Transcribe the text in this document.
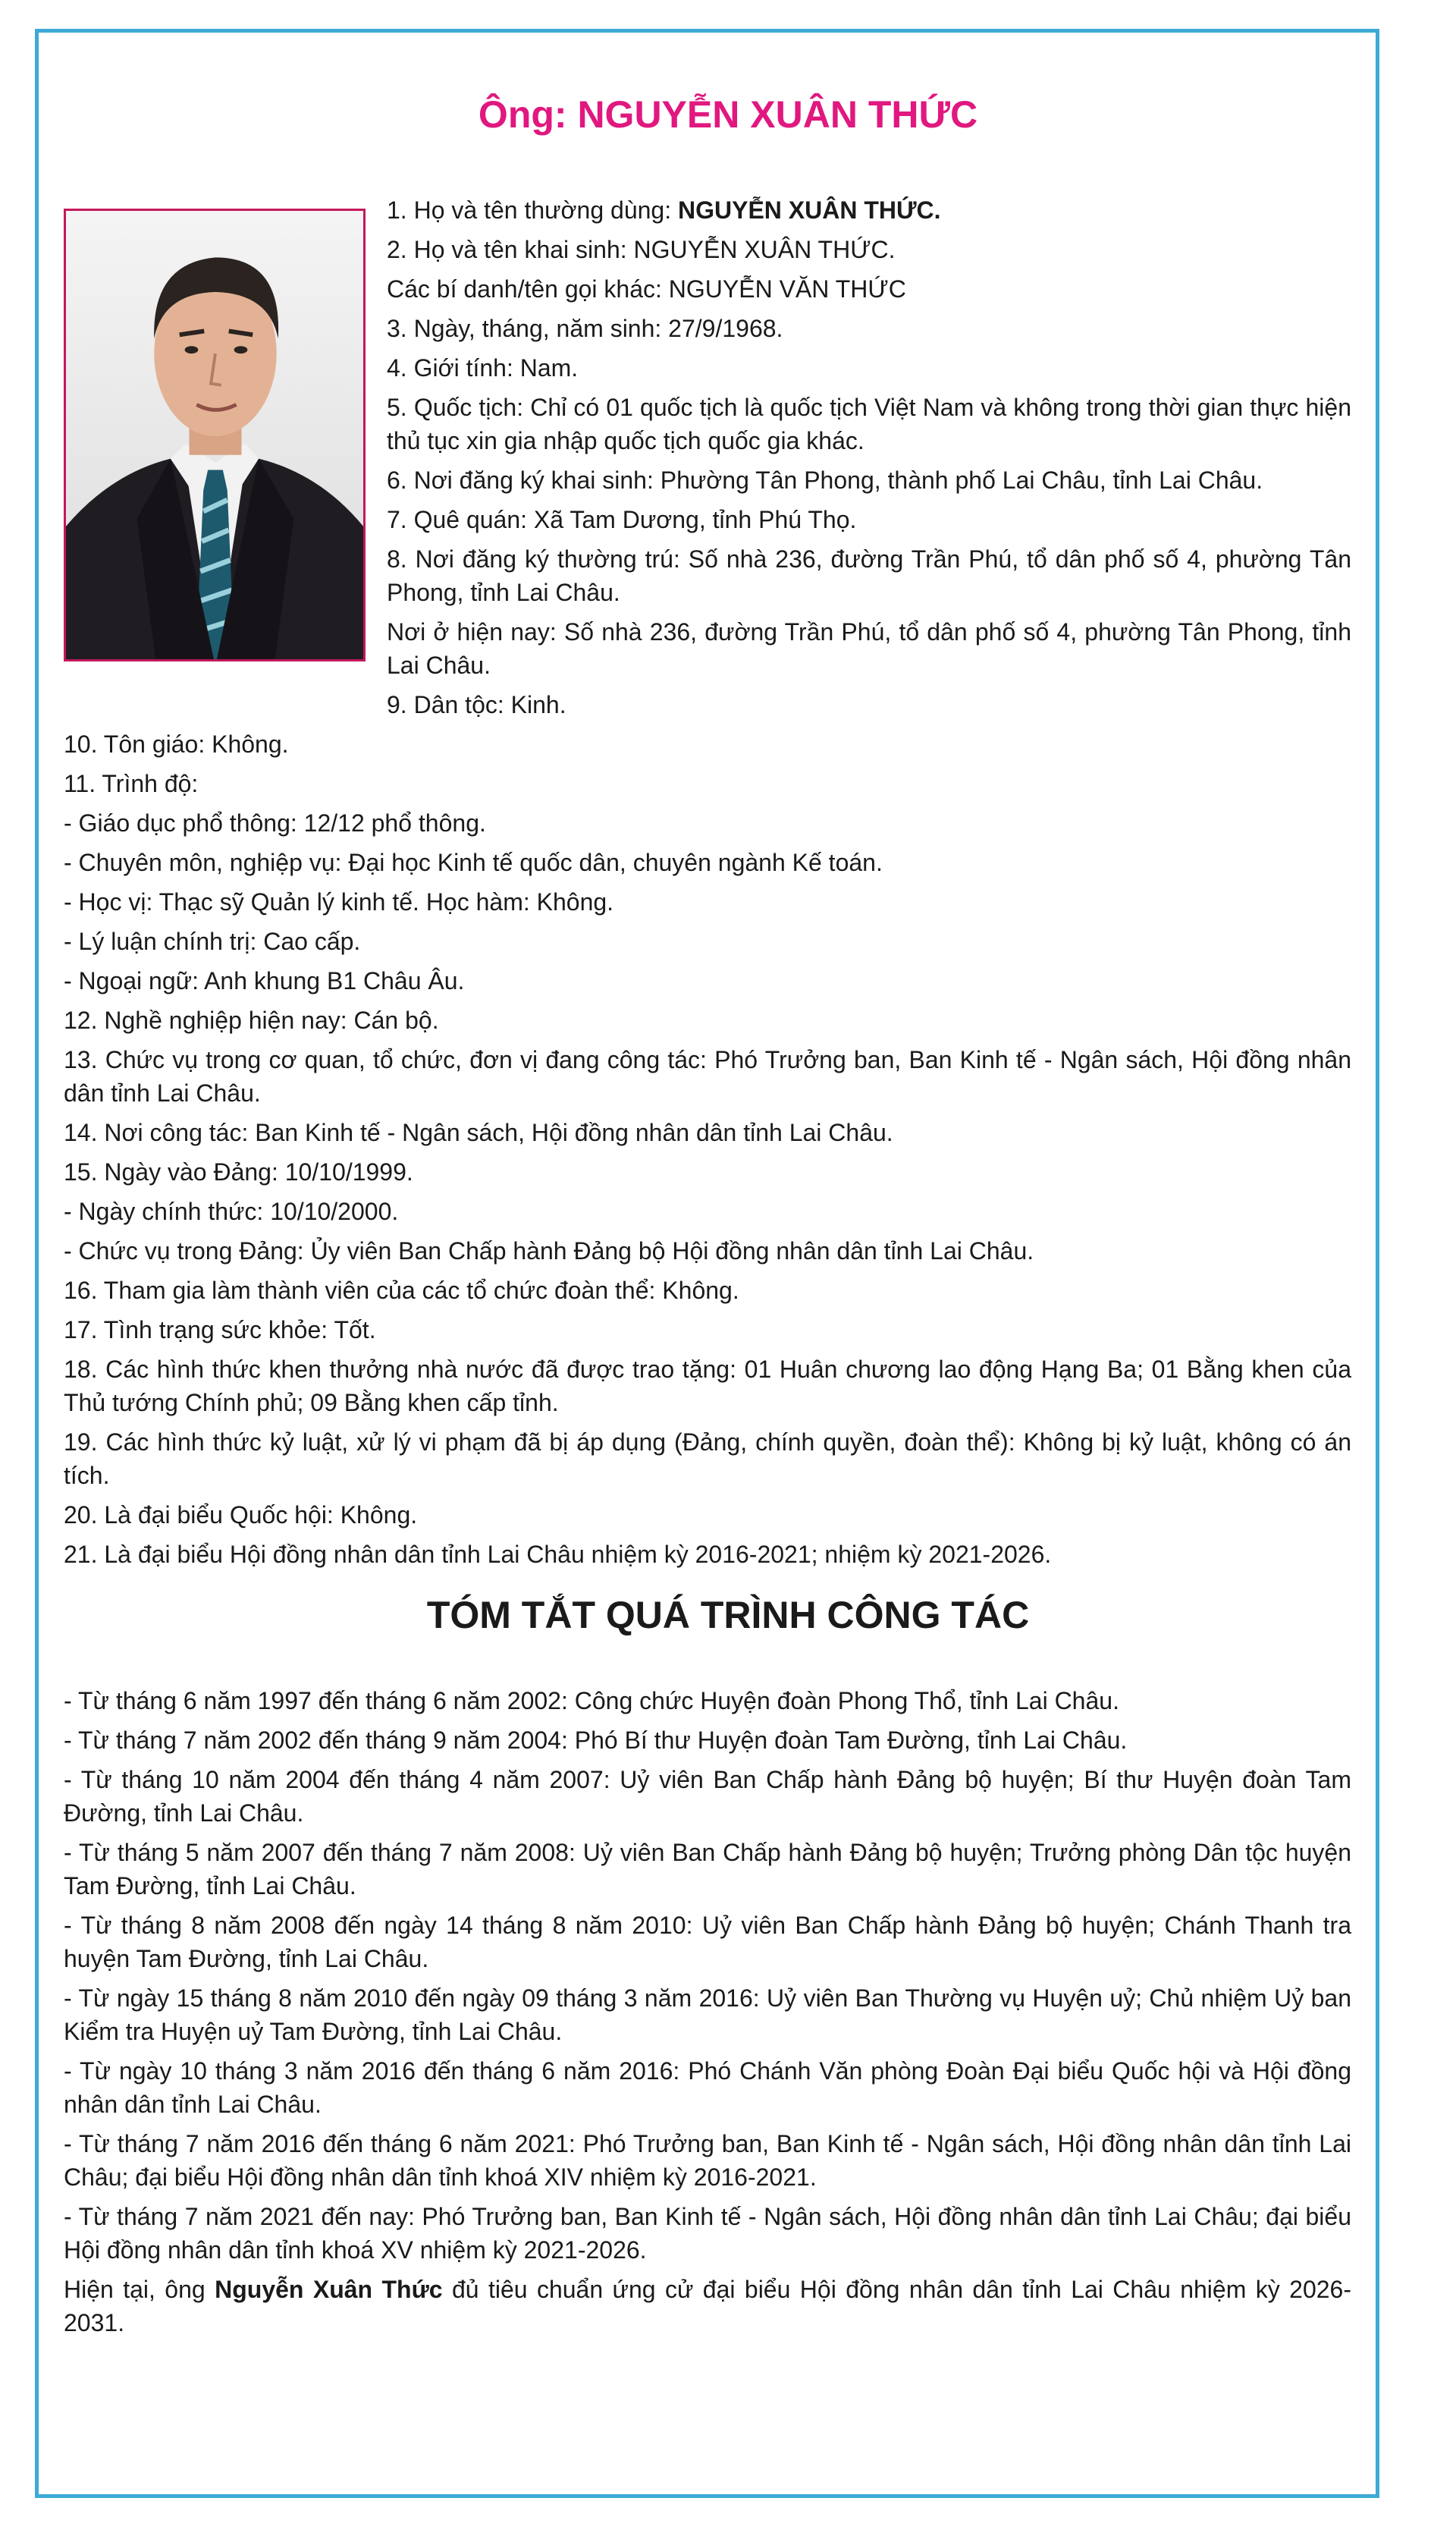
Ông: NGUYỄN XUÂN THỨC

1. Họ và tên thường dùng: NGUYỄN XUÂN THỨC.

2. Họ và tên khai sinh: NGUYỄN XUÂN THỨC.

Các bí danh/tên gọi khác: NGUYỄN VĂN THỨC

3. Ngày, tháng, năm sinh: 27/9/1968.

4. Giới tính: Nam.

5. Quốc tịch: Chỉ có 01 quốc tịch là quốc tịch Việt Nam và không trong thời gian thực hiện thủ tục xin gia nhập quốc tịch quốc gia khác.

6. Nơi đăng ký khai sinh: Phường Tân Phong, thành phố Lai Châu, tỉnh Lai Châu.

7. Quê quán: Xã Tam Dương, tỉnh Phú Thọ.

8. Nơi đăng ký thường trú: Số nhà 236, đường Trần Phú, tổ dân phố số 4, phường Tân Phong, tỉnh Lai Châu.

Nơi ở hiện nay: Số nhà 236, đường Trần Phú, tổ dân phố số 4, phường Tân Phong, tỉnh Lai Châu.

9. Dân tộc: Kinh.

10. Tôn giáo: Không.

11. Trình độ:

- Giáo dục phổ thông: 12/12 phổ thông.

- Chuyên môn, nghiệp vụ: Đại học Kinh tế quốc dân, chuyên ngành Kế toán.

- Học vị: Thạc sỹ Quản lý kinh tế. Học hàm: Không.

- Lý luận chính trị: Cao cấp.

- Ngoại ngữ: Anh khung B1 Châu Âu.

12. Nghề nghiệp hiện nay: Cán bộ.

13. Chức vụ trong cơ quan, tổ chức, đơn vị đang công tác: Phó Trưởng ban, Ban Kinh tế - Ngân sách, Hội đồng nhân dân tỉnh Lai Châu.

14. Nơi công tác: Ban Kinh tế - Ngân sách, Hội đồng nhân dân tỉnh Lai Châu.

15. Ngày vào Đảng: 10/10/1999.

- Ngày chính thức: 10/10/2000.

- Chức vụ trong Đảng: Ủy viên Ban Chấp hành Đảng bộ Hội đồng nhân dân tỉnh Lai Châu.

16. Tham gia làm thành viên của các tổ chức đoàn thể: Không.

17. Tình trạng sức khỏe: Tốt.

18. Các hình thức khen thưởng nhà nước đã được trao tặng: 01 Huân chương lao động Hạng Ba; 01 Bằng khen của Thủ tướng Chính phủ; 09 Bằng khen cấp tỉnh.

19. Các hình thức kỷ luật, xử lý vi phạm đã bị áp dụng (Đảng, chính quyền, đoàn thể): Không bị kỷ luật, không có án tích.

20. Là đại biểu Quốc hội: Không.

21. Là đại biểu Hội đồng nhân dân tỉnh Lai Châu nhiệm kỳ 2016-2021; nhiệm kỳ 2021-2026.

TÓM TẮT QUÁ TRÌNH CÔNG TÁC

- Từ tháng 6 năm 1997 đến tháng 6 năm 2002: Công chức Huyện đoàn Phong Thổ, tỉnh Lai Châu.

- Từ tháng 7 năm 2002 đến tháng 9 năm 2004: Phó Bí thư Huyện đoàn Tam Đường, tỉnh Lai Châu.

- Từ tháng 10 năm 2004 đến tháng 4 năm 2007: Uỷ viên Ban Chấp hành Đảng bộ huyện; Bí thư Huyện đoàn Tam Đường, tỉnh Lai Châu.

- Từ tháng 5 năm 2007 đến tháng 7 năm 2008: Uỷ viên Ban Chấp hành Đảng bộ huyện; Trưởng phòng Dân tộc huyện Tam Đường, tỉnh Lai Châu.

- Từ tháng 8 năm 2008 đến ngày 14 tháng 8 năm 2010: Uỷ viên Ban Chấp hành Đảng bộ huyện; Chánh Thanh tra huyện Tam Đường, tỉnh Lai Châu.

- Từ ngày 15 tháng 8 năm 2010 đến ngày 09 tháng 3 năm 2016: Uỷ viên Ban Thường vụ Huyện uỷ; Chủ nhiệm Uỷ ban Kiểm tra Huyện uỷ Tam Đường, tỉnh Lai Châu.

- Từ ngày 10 tháng 3 năm 2016 đến tháng 6 năm 2016: Phó Chánh Văn phòng Đoàn Đại biểu Quốc hội và Hội đồng nhân dân tỉnh Lai Châu.

- Từ tháng 7 năm 2016 đến tháng 6 năm 2021: Phó Trưởng ban, Ban Kinh tế - Ngân sách, Hội đồng nhân dân tỉnh Lai Châu; đại biểu Hội đồng nhân dân tỉnh khoá XIV nhiệm kỳ 2016-2021.

- Từ tháng 7 năm 2021 đến nay: Phó Trưởng ban, Ban Kinh tế - Ngân sách, Hội đồng nhân dân tỉnh Lai Châu; đại biểu Hội đồng nhân dân tỉnh khoá XV nhiệm kỳ 2021-2026.

Hiện tại, ông Nguyễn Xuân Thức đủ tiêu chuẩn ứng cử đại biểu Hội đồng nhân dân tỉnh Lai Châu nhiệm kỳ 2026-2031.
